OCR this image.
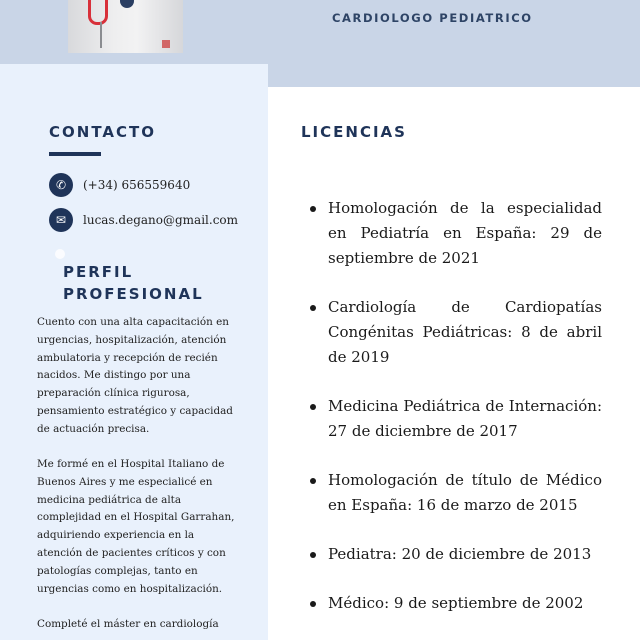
CARDIOLOGO PEDIATRICO
CONTACTO
✆	(+34) 656559640
✉	lucas.degano@gmail.com
PERFIL
PROFESIONAL
Cuento con una alta capacitación en urgencias, hospitalización, atención ambulatoria y recepción de recién nacidos. Me distingo por una preparación clínica rigurosa, pensamiento estratégico y capacidad de actuación precisa.
Me formé en el Hospital Italiano de Buenos Aires y me especialicé en medicina pediátrica de alta complejidad en el Hospital Garrahan, adquiriendo experiencia en la atención de pacientes críticos y con patologías complejas, tanto en urgencias como en hospitalización.
Completé el máster en cardiología
LICENCIAS
Homologación de la especialidad en Pediatría en España: 29 de septiembre de 2021
Cardiología de Cardiopatías Congénitas Pediátricas: 8 de abril de 2019
Medicina Pediátrica de Internación: 27 de diciembre de 2017
Homologación de título de Médico en España: 16 de marzo de 2015
Pediatra: 20 de diciembre de 2013
Médico: 9 de septiembre de 2002
